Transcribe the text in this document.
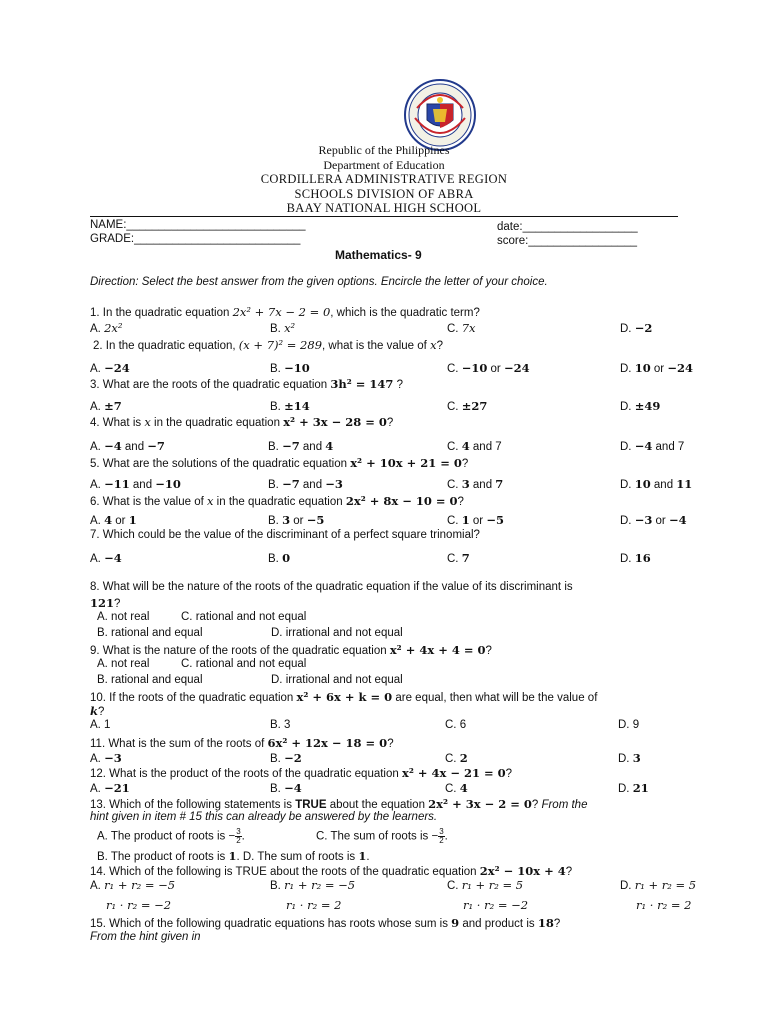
Republic of the Philippines
Department of Education
CORDILLERA ADMINISTRATIVE REGION
SCHOOLS DIVISION OF ABRA
BAAY NATIONAL HIGH SCHOOL
NAME:____________________________	date:__________________
GRADE:__________________________	score:_________________
Mathematics- 9
Direction: Select the best answer from the given options. Encircle the letter of your choice.
1. In the quadratic equation 2x² + 7x − 2 = 0, which is the quadratic term?
A. 2x²	B. x²	C. 7x	D. −2
2. In the quadratic equation, (x + 7)² = 289, what is the value of x?
A. −24	B. −10	C. −10 or −24	D. 10 or −24
3. What are the roots of the quadratic equation 3h² = 147 ?
A. ±7	B. ±14	C. ±27	D. ±49
4. What is x in the quadratic equation x² + 3x − 28 = 0?
A. −4 and −7	B. −7 and 4	C. 4 and 7	D. −4 and 7
5. What are the solutions of the quadratic equation x² + 10x + 21 = 0?
A. −11 and −10	B. −7 and −3	C. 3 and 7	D. 10 and 11
6. What is the value of x in the quadratic equation 2x² + 8x − 10 = 0?
A. 4 or 1	B. 3 or −5	C. 1 or −5	D. −3 or −4
7. Which could be the value of the discriminant of a perfect square trinomial?
A. −4	B. 0	C. 7	D. 16
8. What will be the nature of the roots of the quadratic equation if the value of its discriminant is
121?
A. not real	C. rational and not equal
B. rational and equal	D. irrational and not equal
9. What is the nature of the roots of the quadratic equation x² + 4x + 4 = 0?
A. not real	C. rational and not equal
B. rational and equal	D. irrational and not equal
10. If the roots of the quadratic equation x² + 6x + k = 0 are equal, then what will be the value of
k?
A. 1	B. 3	C. 6	D. 9
11. What is the sum of the roots of 6x² + 12x − 18 = 0?
A. −3	B. −2	C. 2	D. 3
12. What is the product of the roots of the quadratic equation x² + 4x − 21 = 0?
A. −21	B. −4	C. 4	D. 21
13. Which of the following statements is TRUE about the equation 2x² + 3x − 2 = 0? From the
hint given in item # 15 this can already be answered by the learners.
A. The product of roots is − $\frac{3}{2}$ .	C. The sum of roots is − $\frac{3}{2}$ .
B. The product of roots is 1. D. The sum of roots is 1.
14. Which of the following is TRUE about the roots of the quadratic equation 2x² − 10x + 4?
A. r₁ + r₂ = −5	B. r₁ + r₂ = −5	C. r₁ + r₂ = 5	D. r₁ + r₂ = 5
r₁ · r₂ = −2	r₁ · r₂ = 2	r₁ · r₂ = −2	r₁ · r₂ = 2
15. Which of the following quadratic equations has roots whose sum is 9 and product is 18?
From the hint given in
